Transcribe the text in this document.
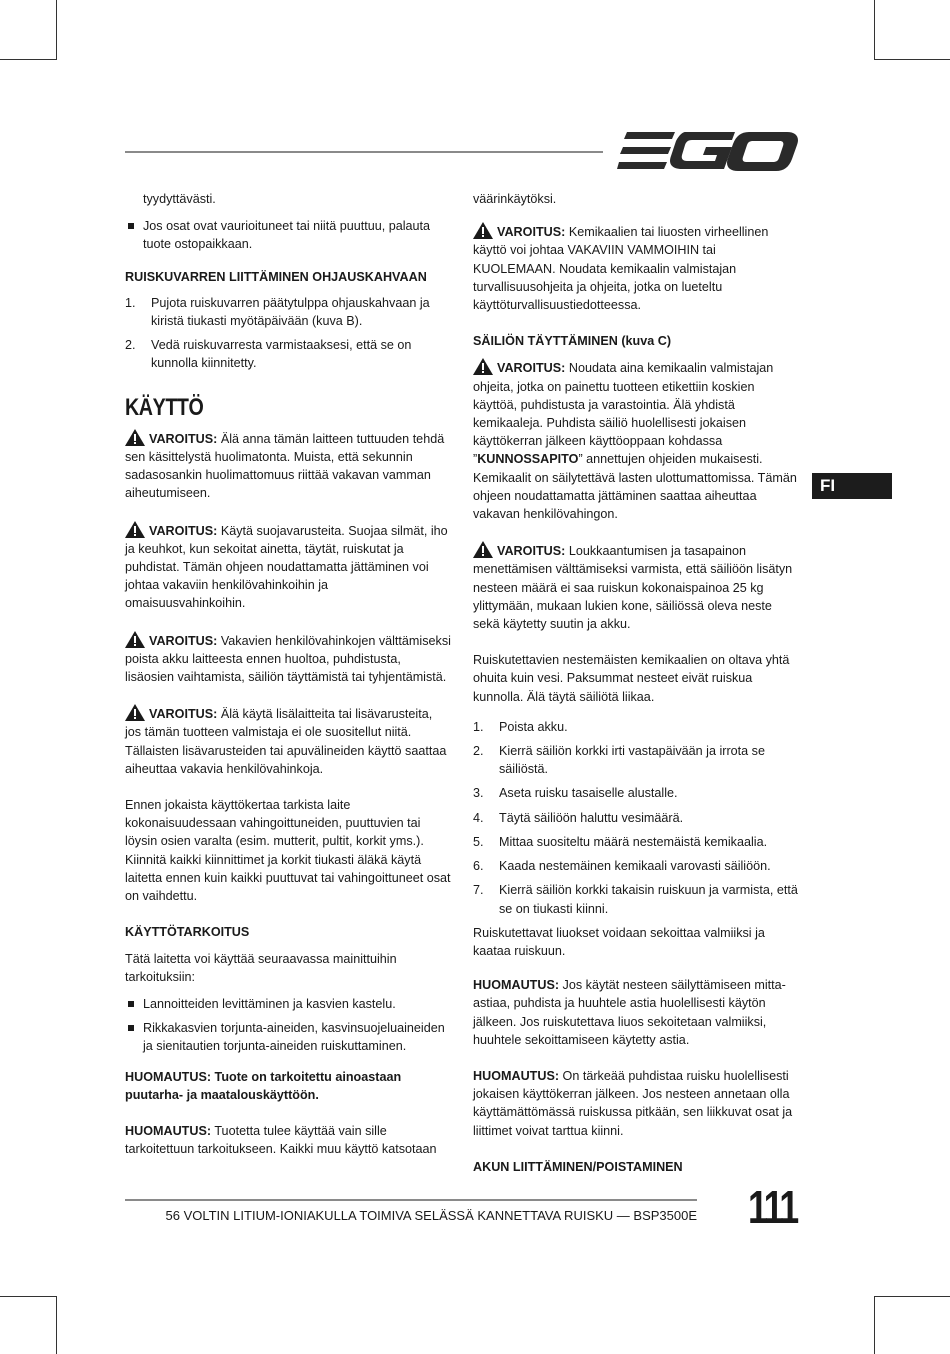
FI
tyydyttävästi.
Jos osat ovat vaurioituneet tai niitä puuttuu, palauta tuote ostopaikkaan.
RUISKUVARREN LIITTÄMINEN OHJAUSKAHVAAN
1. Pujota ruiskuvarren päätytulppa ohjauskahvaan ja kiristä tiukasti myötäpäivään (kuva B).
2. Vedä ruiskuvarresta varmistaaksesi, että se on kunnolla kiinnitetty.
KÄYTTÖ
VAROITUS: Älä anna tämän laitteen tuttuuden tehdä sen käsittelystä huolimatonta. Muista, että sekunnin sadasosankin huolimattomuus riittää vakavan vamman aiheutumiseen.
VAROITUS: Käytä suojavarusteita. Suojaa silmät, iho ja keuhkot, kun sekoitat ainetta, täytät, ruiskutat ja puhdistat. Tämän ohjeen noudattamatta jättäminen voi johtaa vakaviin henkilövahinkoihin ja omaisuusvahinkoihin.
VAROITUS: Vakavien henkilövahinkojen välttämiseksi poista akku laitteesta ennen huoltoa, puhdistusta, lisäosien vaihtamista, säiliön täyttämistä tai tyhjentämistä.
VAROITUS: Älä käytä lisälaitteita tai lisävarusteita, jos tämän tuotteen valmistaja ei ole suositellut niitä. Tällaisten lisävarusteiden tai apuvälineiden käyttö saattaa aiheuttaa vakavia henkilövahinkoja.

Ennen jokaista käyttökertaa tarkista laite kokonaisuudessaan vahingoittuneiden, puuttuvien tai löysin osien varalta (esim. mutterit, pultit, korkit yms.). Kiinnitä kaikki kiinnittimet ja korkit tiukasti äläkä käytä laitetta ennen kuin kaikki puuttuvat tai vahingoittuneet osat on vaihdettu.

KÄYTTÖTARKOITUS

Tätä laitetta voi käyttää seuraavassa mainittuihin tarkoituksiin:

Lannoitteiden levittäminen ja kasvien kastelu.
Rikkakasvien torjunta-aineiden, kasvinsuojeluaineiden ja sienitautien torjunta-aineiden ruiskuttaminen.
HUOMAUTUS: Tuote on tarkoitettu ainoastaan puutarha- ja maatalouskäyttöön.
HUOMAUTUS: Tuotetta tulee käyttää vain sille tarkoitettuun tarkoitukseen. Kaikki muu käyttö katsotaan

väärinkäytöksi.

VAROITUS: Kemikaalien tai liuosten virheellinen käyttö voi johtaa VAKAVIIN VAMMOIHIN tai KUOLEMAAN. Noudata kemikaalin valmistajan turvallisuusohjeita ja ohjeita, jotka on lueteltu käyttöturvallisuustiedotteessa.
SÄILIÖN TÄYTTÄMINEN (kuva C)
VAROITUS: Noudata aina kemikaalin valmistajan ohjeita, jotka on painettu tuotteen etikettiin koskien käyttöä, puhdistusta ja varastointia. Älä yhdistä kemikaaleja. Puhdista säiliö huolellisesti jokaisen käyttökerran jälkeen käyttöoppaan kohdassa ”KUNNOSSAPITO” annettujen ohjeiden mukaisesti. Kemikaalit on säilytettävä lasten ulottumattomissa. Tämän ohjeen noudattamatta jättäminen saattaa aiheuttaa vakavan henkilövahingon.
VAROITUS: Loukkaantumisen ja tasapainon menettämisen välttämiseksi varmista, että säiliöön lisätyn nesteen määrä ei saa ruiskun kokonaispainoa 25 kg ylittymään, mukaan lukien kone, säiliössä oleva neste sekä käytetty suutin ja akku.

Ruiskutettavien nestemäisten kemikaalien on oltava yhtä ohuita kuin vesi. Paksummat nesteet eivät ruiskua kunnolla. Älä täytä säiliötä liikaa.

1. Poista akku.
2. Kierrä säiliön korkki irti vastapäivään ja irrota se säiliöstä.
3. Aseta ruisku tasaiselle alustalle.
4. Täytä säiliöön haluttu vesimäärä.
5. Mittaa suositeltu määrä nestemäistä kemikaalia.
6. Kaada nestemäinen kemikaali varovasti säiliöön.
7. Kierrä säiliön korkki takaisin ruiskuun ja varmista, että se on tiukasti kiinni.

Ruiskutettavat liuokset voidaan sekoittaa valmiiksi ja kaataa ruiskuun.

HUOMAUTUS: Jos käytät nesteen säilyttämiseen mitta-astiaa, puhdista ja huuhtele astia huolellisesti käytön jälkeen. Jos ruiskutettava liuos sekoitetaan valmiiksi, huuhtele sekoittamiseen käytetty astia.
HUOMAUTUS: On tärkeää puhdistaa ruisku huolellisesti jokaisen käyttökerran jälkeen. Jos nesteen annetaan olla käyttämättömässä ruiskussa pitkään, sen liikkuvat osat ja liittimet voivat tarttua kiinni.
AKUN LIITTÄMINEN/POISTAMINEN
56 VOLTIN LITIUM-IONIAKULLA TOIMIVA SELÄSSÄ KANNETTAVA RUISKU — BSP3500E 111
